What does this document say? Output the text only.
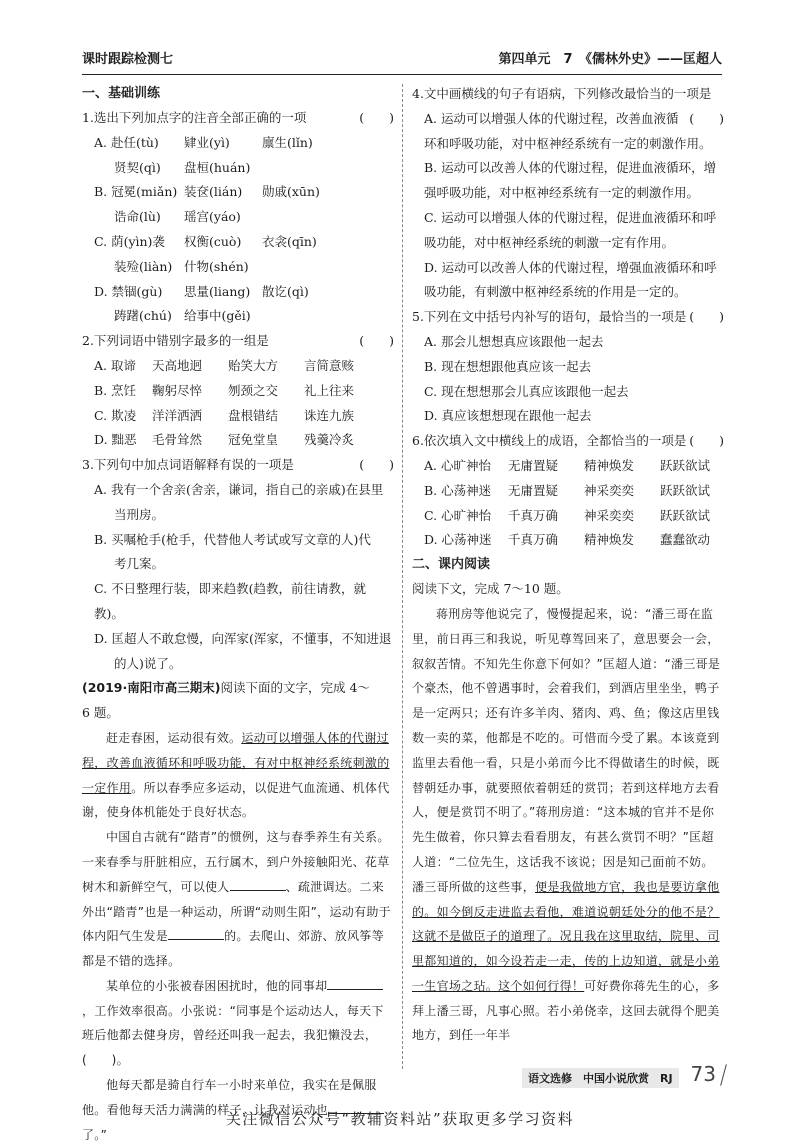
课时跟踪检测七	第四单元　7　《儒林外史》——匡超人
一、基础训练
1.选出下列加点字的注音全部正确的一项	(　　)
A. 赴任(tù) 肄业(yì)	廪生(lǐn)
贤契(qì) 盘桓(huán)
B. 冠冕(miǎn) 装奁(lián) 勋戚(xūn)
诰命(lù) 瑶宫(yáo)
C. 荫(yìn)袭 权衡(cuò) 衣衾(qīn)
装殓(liàn) 什物(shén)
D. 禁锢(gù) 思量(liang) 散讫(qì)
踌躇(chú) 给事中(gěi)
2.下列词语中错别字最多的一组是	(　　)
A. 取谛 天高地迥 贻笑大方 言简意赅
B. 烹饪 鞠躬尽悴 刎颈之交 礼上往来
C. 欺凌 洋洋洒洒 盘根错结 诛连九族
D. 黜恶 毛骨耸然 冠免堂皇 残羹冷炙
3.下列句中加点词语解释有误的一项是	(　　)
A. 我有一个舍亲(舍亲，谦词，指自己的亲戚)在县里
当刑房。
B. 买嘱枪手(枪手，代替他人考试或写文章的人)代
考几案。
C. 不日整理行装，即来趋教(趋教，前往请教，就教)。
D. 匡超人不敢怠慢，向浑家(浑家，不懂事，不知进退
的人)说了。
(2019·南阳市高三期末)阅读下面的文字，完成 4～
6 题。

赶走春困，运动很有效。运动可以增强人体的代谢过程，改善血液循环和呼吸功能，有对中枢神经系统刺激的一定作用。所以春季应多运动，以促进气血流通、机体代谢，使身体机能处于良好状态。

中国自古就有“踏青”的惯例，这与春季养生有关系。一来春季与肝脏相应，五行属木，到户外接触阳光、花草树木和新鲜空气，可以使人	、疏泄调达。二来外出“踏青”也是一种运动，所谓“动则生阳”，运动有助于体内阳气生发是	的。去爬山、郊游、放风筝等都是不错的选择。

某单位的小张被春困困扰时，他的同事却，工作效率很高。小张说：“同事是个运动达人，每天下班后他都去健身房，曾经还叫我一起去，我犯懒没去，(　　)。

他每天都是骑自行车一小时来单位，我实在是佩服他。看他每天活力满满的样子，让我对运动也了。”

4.文中画横线的句子有语病，下列修改最恰当的一项是
(　　)
A. 运动可以增强人体的代谢过程，改善血液循环和呼吸功能，对中枢神经系统有一定的刺激作用。
B. 运动可以改善人体的代谢过程，促进血液循环，增强呼吸功能，对中枢神经系统有一定的刺激作用。
C. 运动可以增强人体的代谢过程，促进血液循环和呼吸功能，对中枢神经系统的刺激一定有作用。
D. 运动可以改善人体的代谢过程，增强血液循环和呼吸功能，有刺激中枢神经系统的作用是一定的。
5.下列在文中括号内补写的语句，最恰当的一项是 (　　)
A. 那会儿想想真应该跟他一起去
B. 现在想想跟他真应该一起去
C. 现在想想那会儿真应该跟他一起去
D. 真应该想想现在跟他一起去
6.依次填入文中横线上的成语，全都恰当的一项是 (　　)
A. 心旷神怡 无庸置疑 精神焕发 跃跃欲试
B. 心荡神迷 无庸置疑 神采奕奕 跃跃欲试
C. 心旷神怡 千真万确 神采奕奕 跃跃欲试
D. 心荡神迷 千真万确 精神焕发 蠢蠢欲动
二、课内阅读
阅读下文，完成 7～10 题。

蒋刑房等他说完了，慢慢提起来，说：“潘三哥在监里，前日再三和我说，听见尊驾回来了，意思要会一会，叙叙苦情。不知先生你意下何如？”匡超人道：“潘三哥是个豪杰，他不曾遇事时，会着我们，到酒店里坐坐，鸭子是一定两只；还有许多羊肉、猪肉、鸡、鱼；像这店里钱数一卖的菜，他都是不吃的。可惜而今受了累。本该竟到监里去看他一看，只是小弟而今比不得做诸生的时候，既替朝廷办事，就要照依着朝廷的赏罚；若到这样地方去看人，便是赏罚不明了。”蒋刑房道：“这本城的官并不是你先生做着，你只算去看看朋友，有甚么赏罚不明？”匡超人道：“二位先生，这话我不该说；因是知己面前不妨。潘三哥所做的这些事，便是我做地方官，我也是要访拿他的。如今倒反走进监去看他，难道说朝廷处分的他不是？这就不是做臣子的道理了。况且我在这里取结，院里、司里都知道的，如今设若走一走，传的上边知道，就是小弟一生官场之玷。这个如何行得！可好费你蒋先生的心，多拜上潘三哥，凡事心照。若小弟侥幸，这回去就得个肥美地方，到任一年半

语文选修　中国小说欣赏　RJ 73
关注微信公众号“教辅资料站”获取更多学习资料
